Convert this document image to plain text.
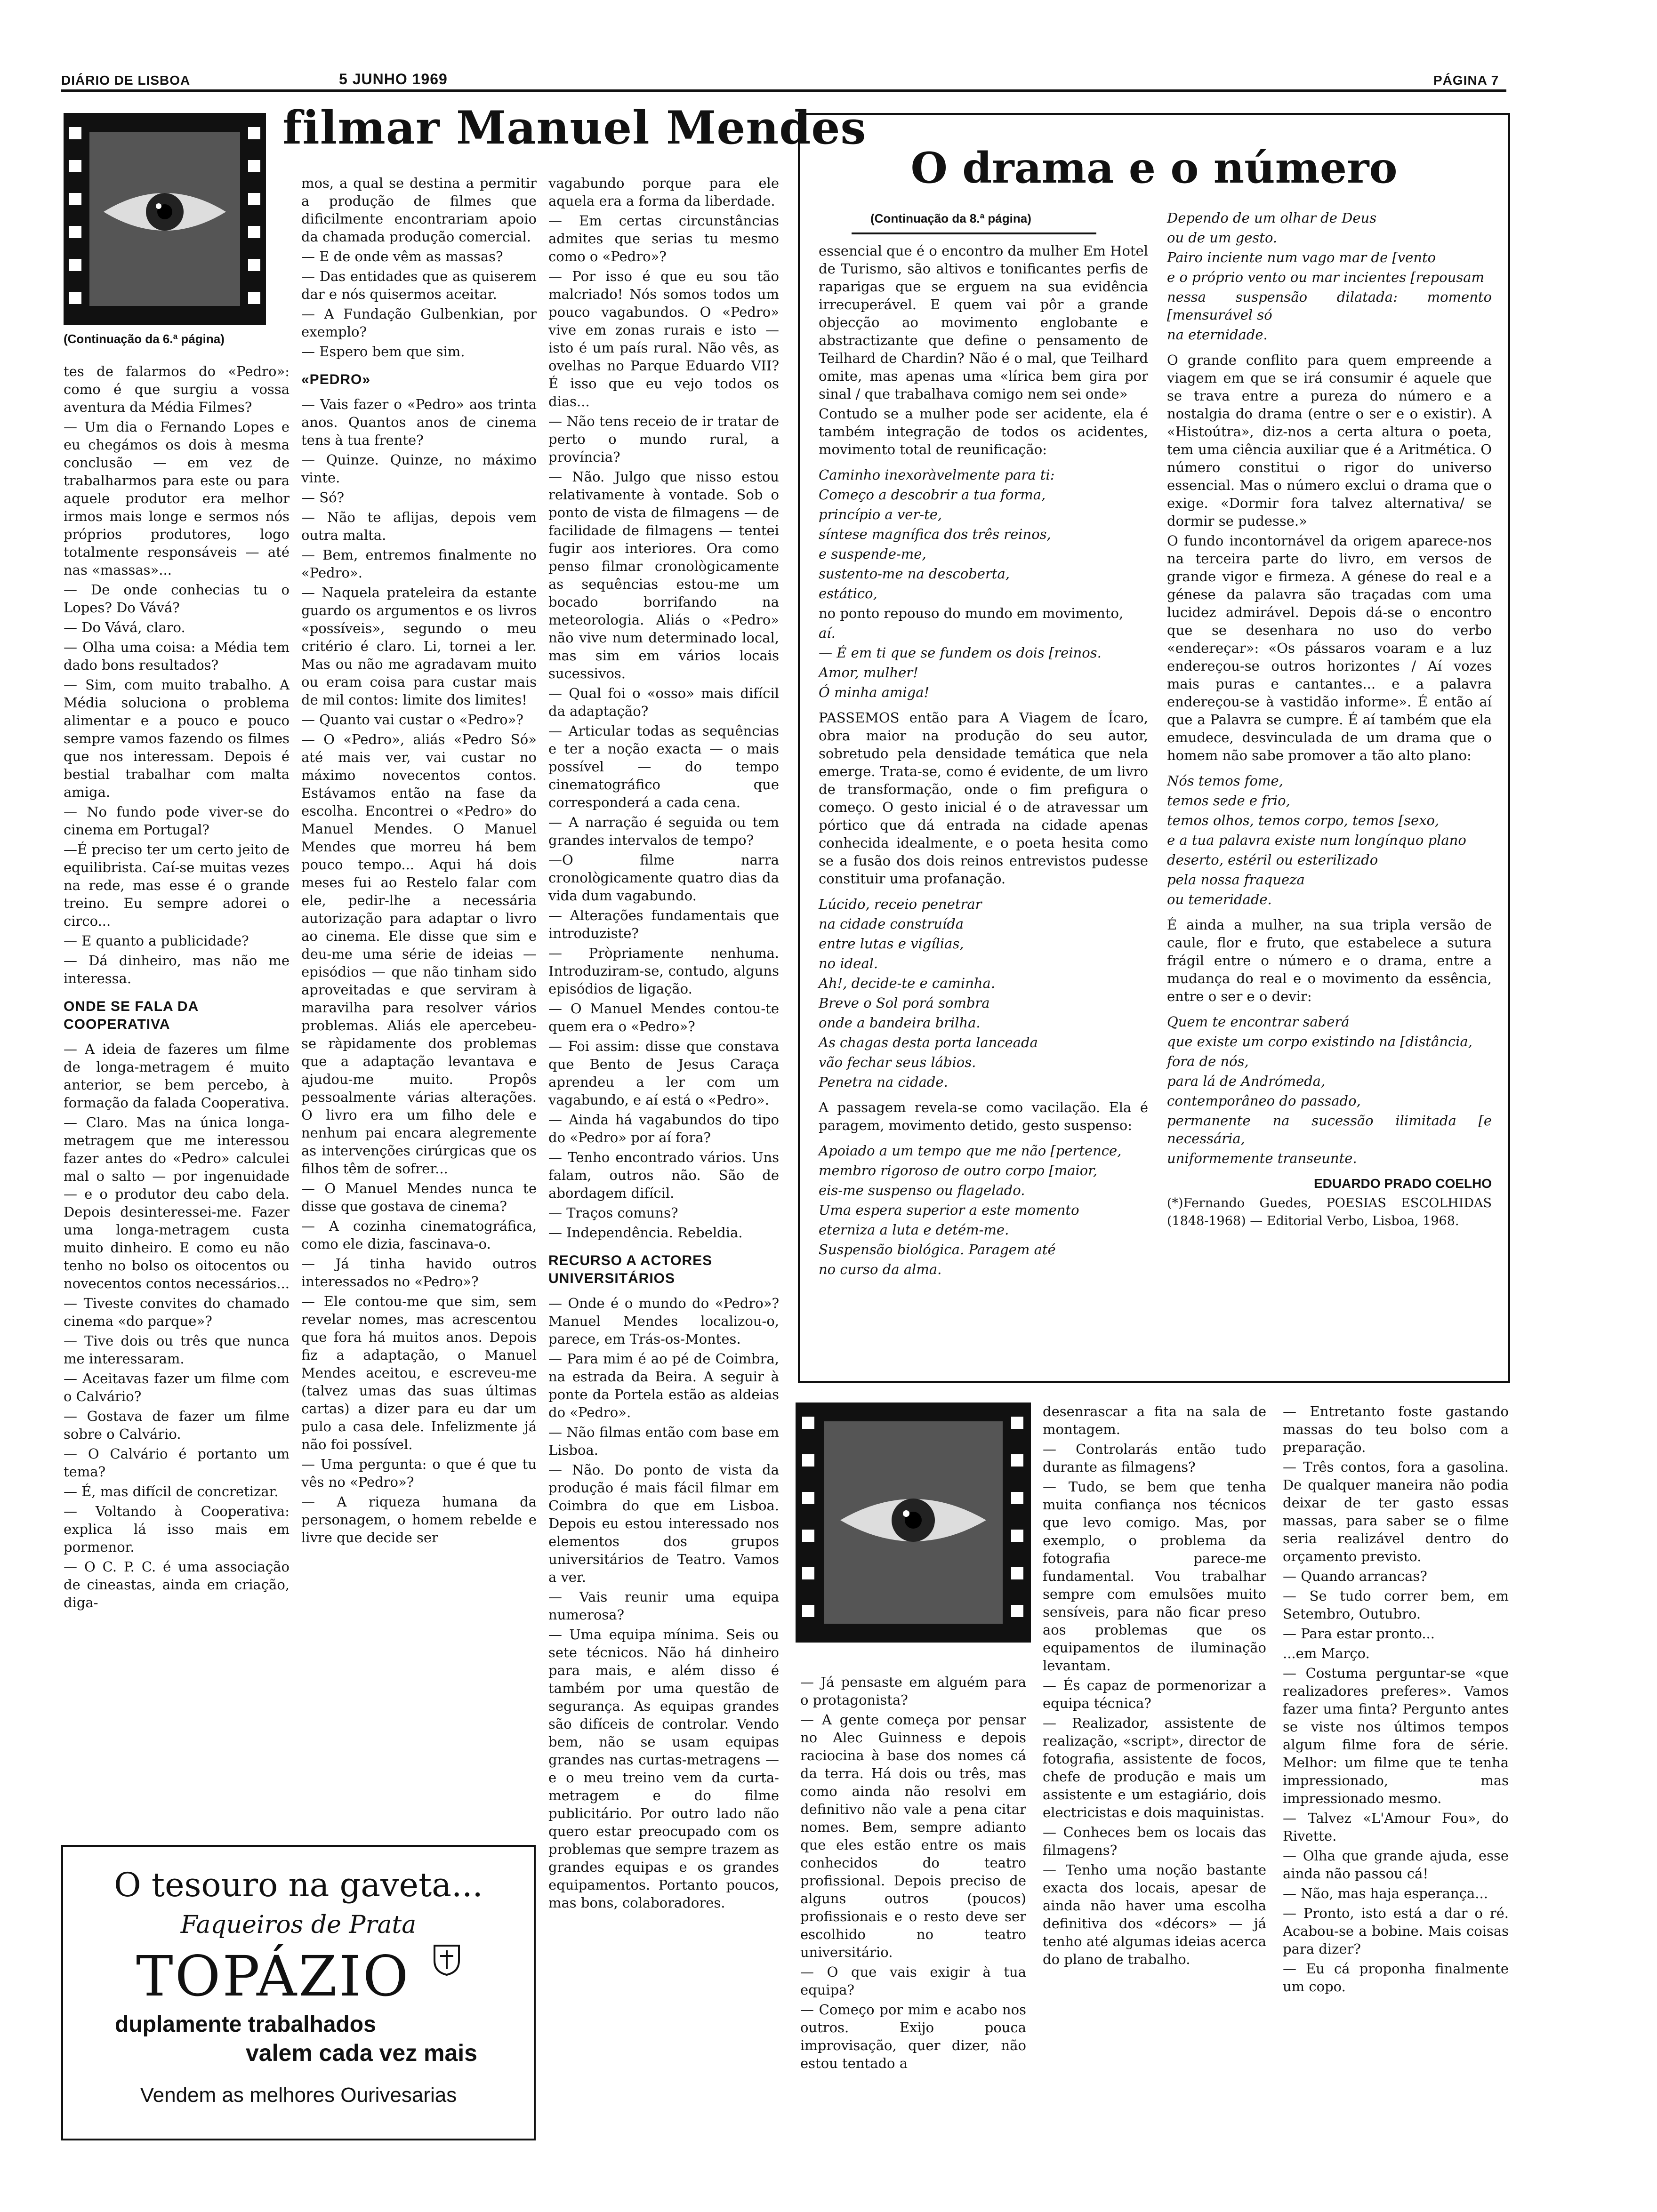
DIÁRIO DE LISBOA	5 JUNHO 1969	PÁGINA 7
(Continuação da 6.ª página)
filmar Manuel Mendes

tes de falarmos do «Pedro»: como é que surgiu a vossa aventura da Média Filmes?

— Um dia o Fernando Lopes e eu chegámos os dois à mesma conclusão — em vez de trabalharmos para este ou para aquele produtor era melhor irmos mais longe e sermos nós próprios produtores, logo totalmente responsáveis — até nas «massas»...

— De onde conhecias tu o Lopes? Do Vává?

— Do Vává, claro.

— Olha uma coisa: a Média tem dado bons resultados?

— Sim, com muito trabalho. A Média soluciona o problema alimentar e a pouco e pouco sempre vamos fazendo os filmes que nos interessam. Depois é bestial trabalhar com malta amiga.

— No fundo pode viver-se do cinema em Portugal?

—É preciso ter um certo jeito de equilibrista. Caí-se muitas vezes na rede, mas esse é o grande treino. Eu sempre adorei o circo...

— E quanto a publicidade?

— Dá dinheiro, mas não me interessa.

ONDE SE FALA DA COOPERATIVA

— A ideia de fazeres um filme de longa-metragem é muito anterior, se bem percebo, à formação da falada Cooperativa.

— Claro. Mas na única longa-metragem que me interessou fazer antes do «Pedro» calculei mal o salto — por ingenuidade — e o produtor deu cabo dela. Depois desinteressei-me. Fazer uma longa-metragem custa muito dinheiro. E como eu não tenho no bolso os oitocentos ou novecentos contos necessários...

— Tiveste convites do chamado cinema «do parque»?

— Tive dois ou três que nunca me interessaram.

— Aceitavas fazer um filme com o Calvário?

— Gostava de fazer um filme sobre o Calvário.

— O Calvário é portanto um tema?

— É, mas difícil de concretizar.

— Voltando à Cooperativa: explica lá isso mais em pormenor.

— O C. P. C. é uma associação de cineastas, ainda em criação, diga-

mos, a qual se destina a permitir a produção de filmes que dificilmente encontrariam apoio da chamada produção comercial.

— E de onde vêm as massas?

— Das entidades que as quiserem dar e nós quisermos aceitar.

— A Fundação Gulbenkian, por exemplo?

— Espero bem que sim.

«PEDRO»

— Vais fazer o «Pedro» aos trinta anos. Quantos anos de cinema tens à tua frente?

— Quinze. Quinze, no máximo vinte.

— Só?

— Não te aflijas, depois vem outra malta.

— Bem, entremos finalmente no «Pedro».

— Naquela prateleira da estante guardo os argumentos e os livros «possíveis», segundo o meu critério é claro. Li, tornei a ler. Mas ou não me agradavam muito ou eram coisa para custar mais de mil contos: limite dos limites!

— Quanto vai custar o «Pedro»?

— O «Pedro», aliás «Pedro Só» até mais ver, vai custar no máximo novecentos contos. Estávamos então na fase da escolha. Encontrei o «Pedro» do Manuel Mendes. O Manuel Mendes que morreu há bem pouco tempo... Aqui há dois meses fui ao Restelo falar com ele, pedir-lhe a necessária autorização para adaptar o livro ao cinema. Ele disse que sim e deu-me uma série de ideias — episódios — que não tinham sido aproveitadas e que serviram à maravilha para resolver vários problemas. Aliás ele apercebeu-se ràpidamente dos problemas que a adaptação levantava e ajudou-me muito. Propôs pessoalmente várias alterações. O livro era um filho dele e nenhum pai encara alegremente as intervenções cirúrgicas que os filhos têm de sofrer...

— O Manuel Mendes nunca te disse que gostava de cinema?

— A cozinha cinematográfica, como ele dizia, fascinava-o.

— Já tinha havido outros interessados no «Pedro»?

— Ele contou-me que sim, sem revelar nomes, mas acrescentou que fora há muitos anos. Depois fiz a adaptação, o Manuel Mendes aceitou, e escreveu-me (talvez umas das suas últimas cartas) a dizer para eu dar um pulo a casa dele. Infelizmente já não foi possível.

— Uma pergunta: o que é que tu vês no «Pedro»?

— A riqueza humana da personagem, o homem rebelde e livre que decide ser

vagabundo porque para ele aquela era a forma da liberdade.

— Em certas circunstâncias admites que serias tu mesmo como o «Pedro»?

— Por isso é que eu sou tão malcriado! Nós somos todos um pouco vagabundos. O «Pedro» vive em zonas rurais e isto — isto é um país rural. Não vês, as ovelhas no Parque Eduardo VII? É isso que eu vejo todos os dias...

— Não tens receio de ir tratar de perto o mundo rural, a província?

— Não. Julgo que nisso estou relativamente à vontade. Sob o ponto de vista de filmagens — de facilidade de filmagens — tentei fugir aos interiores. Ora como penso filmar cronològicamente as sequências estou-me um bocado borrifando na meteorologia. Aliás o «Pedro» não vive num determinado local, mas sim em vários locais sucessivos.

— Qual foi o «osso» mais difícil da adaptação?

— Articular todas as sequências e ter a noção exacta — o mais possível — do tempo cinematográfico que corresponderá a cada cena.

— A narração é seguida ou tem grandes intervalos de tempo?

—O filme narra cronològicamente quatro dias da vida dum vagabundo.

— Alterações fundamentais que introduziste?

— Pròpriamente nenhuma. Introduziram-se, contudo, alguns episódios de ligação.

— O Manuel Mendes contou-te quem era o «Pedro»?

— Foi assim: disse que constava que Bento de Jesus Caraça aprendeu a ler com um vagabundo, e aí está o «Pedro».

— Ainda há vagabundos do tipo do «Pedro» por aí fora?

— Tenho encontrado vários. Uns falam, outros não. São de abordagem difícil.

— Traços comuns?

— Independência. Rebeldia.

RECURSO A ACTORES UNIVERSITÁRIOS

— Onde é o mundo do «Pedro»? Manuel Mendes localizou-o, parece, em Trás-os-Montes.

— Para mim é ao pé de Coimbra, na estrada da Beira. A seguir à ponte da Portela estão as aldeias do «Pedro».

— Não filmas então com base em Lisboa.

— Não. Do ponto de vista da produção é mais fácil filmar em Coimbra do que em Lisboa. Depois eu estou interessado nos elementos dos grupos universitários de Teatro. Vamos a ver.

— Vais reunir uma equipa numerosa?

— Uma equipa mínima. Seis ou sete técnicos. Não há dinheiro para mais, e além disso é também por uma questão de segurança. As equipas grandes são difíceis de controlar. Vendo bem, não se usam equipas grandes nas curtas-metragens — e o meu treino vem da curta-metragem e do filme publicitário. Por outro lado não quero estar preocupado com os problemas que sempre trazem as grandes equipas e os grandes equipamentos. Portanto poucos, mas bons, colaboradores.

O drama e o número
(Continuação da 8.ª página)

essencial que é o encontro da mulher Em Hotel de Turismo, são altivos e tonificantes perfis de raparigas que se erguem na sua evidência irrecuperável. E quem vai pôr a grande objecção ao movimento englobante e abstractizante que define o pensamento de Teilhard de Chardin? Não é o mal, que Teilhard omite, mas apenas uma «lírica bem gira por sinal / que trabalhava comigo nem sei onde»

Contudo se a mulher pode ser acidente, ela é também integração de todos os acidentes, movimento total de reunificação:

Caminho inexoràvelmente para ti:

Começo a descobrir a tua forma,

princípio a ver-te,

síntese magnífica dos três reinos,

e suspende-me,

sustento-me na descoberta,

estático,

no ponto repouso do mundo em movimento,

aí.

— É em ti que se fundem os dois [reinos.

Amor, mulher!

Ó minha amiga!

PASSEMOS então para A Viagem de Ícaro, obra maior na produção do seu autor, sobretudo pela densidade temática que nela emerge. Trata-se, como é evidente, de um livro de transformação, onde o fim prefigura o começo. O gesto inicial é o de atravessar um pórtico que dá entrada na cidade apenas conhecida idealmente, e o poeta hesita como se a fusão dos dois reinos entrevistos pudesse constituir uma profanação.

Lúcido, receio penetrar

na cidade construída

entre lutas e vigílias,

no ideal.

Ah!, decide-te e caminha.

Breve o Sol porá sombra

onde a bandeira brilha.

As chagas desta porta lanceada

vão fechar seus lábios.

Penetra na cidade.

A passagem revela-se como vacilação. Ela é paragem, movimento detido, gesto suspenso:

Apoiado a um tempo que me não [pertence,

membro rigoroso de outro corpo [maior,

eis-me suspenso ou flagelado.

Uma espera superior a este momento

eterniza a luta e detém-me.

Suspensão biológica. Paragem até

no curso da alma.

Dependo de um olhar de Deus

ou de um gesto.

Pairo inciente num vago mar de [vento

e o próprio vento ou mar incientes [repousam

nessa suspensão dilatada: momento [mensurável só

na eternidade.

O grande conflito para quem empreende a viagem em que se irá consumir é aquele que se trava entre a pureza do número e a nostalgia do drama (entre o ser e o existir). A «Histoútra», diz-nos a certa altura o poeta, tem uma ciência auxiliar que é a Aritmética. O número constitui o rigor do universo essencial. Mas o número exclui o drama que o exige. «Dormir fora talvez alternativa/ se dormir se pudesse.»

O fundo incontornável da origem aparece-nos na terceira parte do livro, em versos de grande vigor e firmeza. A génese do real e a génese da palavra são traçadas com uma lucidez admirável. Depois dá-se o encontro que se desenhara no uso do verbo «endereçar»: «Os pássaros voaram e a luz endereçou-se outros horizontes / Aí vozes mais puras e cantantes... e a palavra endereçou-se à vastidão informe». É então aí que a Palavra se cumpre. É aí também que ela emudece, desvinculada de um drama que o homem não sabe promover a tão alto plano:

Nós temos fome,

temos sede e frio,

temos olhos, temos corpo, temos [sexo,

e a tua palavra existe num longínquo plano

deserto, estéril ou esterilizado

pela nossa fraqueza

ou temeridade.

É ainda a mulher, na sua tripla versão de caule, flor e fruto, que estabelece a sutura frágil entre o número e o drama, entre a mudança do real e o movimento da essência, entre o ser e o devir:

Quem te encontrar saberá

que existe um corpo existindo na [distância,

fora de nós,

para lá de Andrómeda,

contemporâneo do passado,

permanente na sucessão ilimitada [e necessária,

uniformemente transeunte.

EDUARDO PRADO COELHO

(*)Fernando Guedes, POESIAS ESCOLHIDAS (1848-1968) — Editorial Verbo, Lisboa, 1968.

— Já pensaste em alguém para o protagonista?

— A gente começa por pensar no Alec Guinness e depois raciocina à base dos nomes cá da terra. Há dois ou três, mas como ainda não resolvi em definitivo não vale a pena citar nomes. Bem, sempre adianto que eles estão entre os mais conhecidos do teatro profissional. Depois preciso de alguns outros (poucos) profissionais e o resto deve ser escolhido no teatro universitário.

— O que vais exigir à tua equipa?

— Começo por mim e acabo nos outros. Exijo pouca improvisação, quer dizer, não estou tentado a

desenrascar a fita na sala de montagem.

— Controlarás então tudo durante as filmagens?

— Tudo, se bem que tenha muita confiança nos técnicos que levo comigo. Mas, por exemplo, o problema da fotografia parece-me fundamental. Vou trabalhar sempre com emulsões muito sensíveis, para não ficar preso aos problemas que os equipamentos de iluminação levantam.

— És capaz de pormenorizar a equipa técnica?

— Realizador, assistente de realização, «script», director de fotografia, assistente de focos, chefe de produção e mais um assistente e um estagiário, dois electricistas e dois maquinistas.

— Conheces bem os locais das filmagens?

— Tenho uma noção bastante exacta dos locais, apesar de ainda não haver uma escolha definitiva dos «décors» — já tenho até algumas ideias acerca do plano de trabalho.

— Entretanto foste gastando massas do teu bolso com a preparação.

— Três contos, fora a gasolina. De qualquer maneira não podia deixar de ter gasto essas massas, para saber se o filme seria realizável dentro do orçamento previsto.

— Quando arrancas?

— Se tudo correr bem, em Setembro, Outubro.

— Para estar pronto...

...em Março.

— Costuma perguntar-se «que realizadores preferes». Vamos fazer uma finta? Pergunto antes se viste nos últimos tempos algum filme fora de série. Melhor: um filme que te tenha impressionado, mas impressionado mesmo.

— Talvez «L'Amour Fou», do Rivette.

— Olha que grande ajuda, esse ainda não passou cá!

— Não, mas haja esperança...

— Pronto, isto está a dar o ré. Acabou-se a bobine. Mais coisas para dizer?

— Eu cá proponha finalmente um copo.

O tesouro na gaveta...
Faqueiros de Prata
TOPÁZIO
duplamente trabalhados
valem cada vez mais
Vendem as melhores Ourivesarias
